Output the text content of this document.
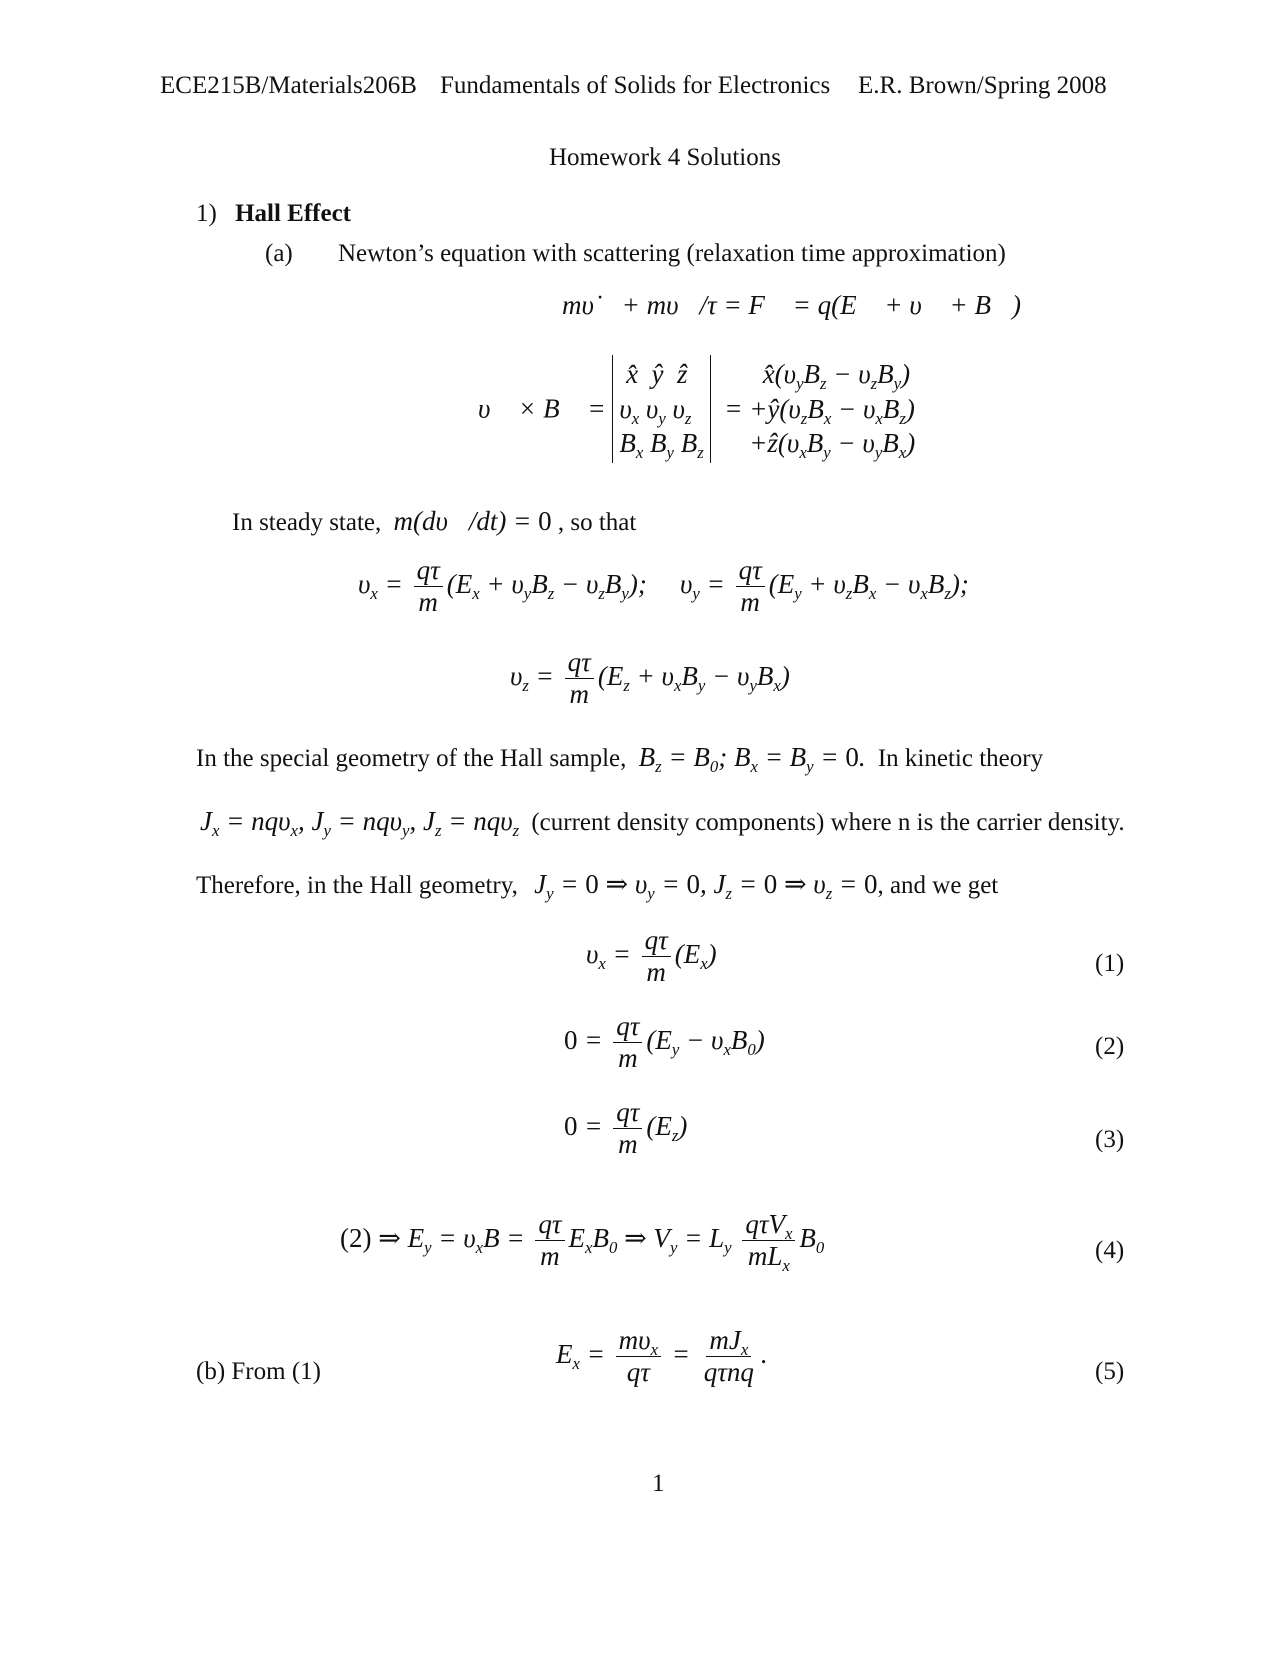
ECE215B/Materials206B Fundamentals of Solids for Electronics E.R. Brown/Spring 2008
Homework 4 Solutions
1) Hall Effect
(a) Newton’s equation with scattering (relaxation time approximation)
mυ̇⃗ + mυ⃗/τ = F⃗ = q(E⃗ + υ⃗ + B⃗)
υ⃗ × B⃗ =
x̂  ŷ  ẑ
$\upsilon_x$ $\upsilon_y$ $\upsilon_z$
$B_x$ $B_y$ $B_z$
=
$x̂(\upsilon_yB_z - \upsilon_zB_y)$
$+ŷ(\upsilon_zB_x - \upsilon_xB_z)$
$+ẑ(\upsilon_xB_y - \upsilon_yB_x)$
In steady state, m(dυ⃗/dt) = 0 , so that
$\upsilon_x = \frac{q\tau}{m} (E_x + \upsilon_yB_z - \upsilon_zB_y)$; $\upsilon_y = \frac{q\tau}{m} (E_y + \upsilon_zB_x - \upsilon_xB_z)$;
$\upsilon_z = \frac{q\tau}{m} (E_z + \upsilon_xB_y - \upsilon_yB_x)$
In the special geometry of the Hall sample, $B_z = B_0$; $B_x = B_y = 0$. In kinetic theory
$J_x = nq\upsilon_x$, $J_y = nq\upsilon_y$, $J_z = nq\upsilon_z$ (current density components) where n is the carrier density.
Therefore, in the Hall geometry, $J_y = 0$ ⇒ $\upsilon_y = 0$, $J_z = 0$ ⇒ $\upsilon_z = 0$, and we get
$\upsilon_x = \frac{q\tau}{m} (E_x)$	(1)
$0 = \frac{q\tau}{m} (E_y - \upsilon_xB_0)$	(2)
$0 = \frac{q\tau}{m} (E_z)$	(3)
(2) ⇒ $E_y = \upsilon_xB = \frac{q\tau}{m} E_xB_0$ ⇒ $V_y = L_y \frac{q\tau V_x}{mL_x} B_0$	(4)
(b) From (1)
$E_x = \frac{m\upsilon_x}{q\tau} = \frac{mJ_x}{\text{qτnq}}$ .
(5)
1
